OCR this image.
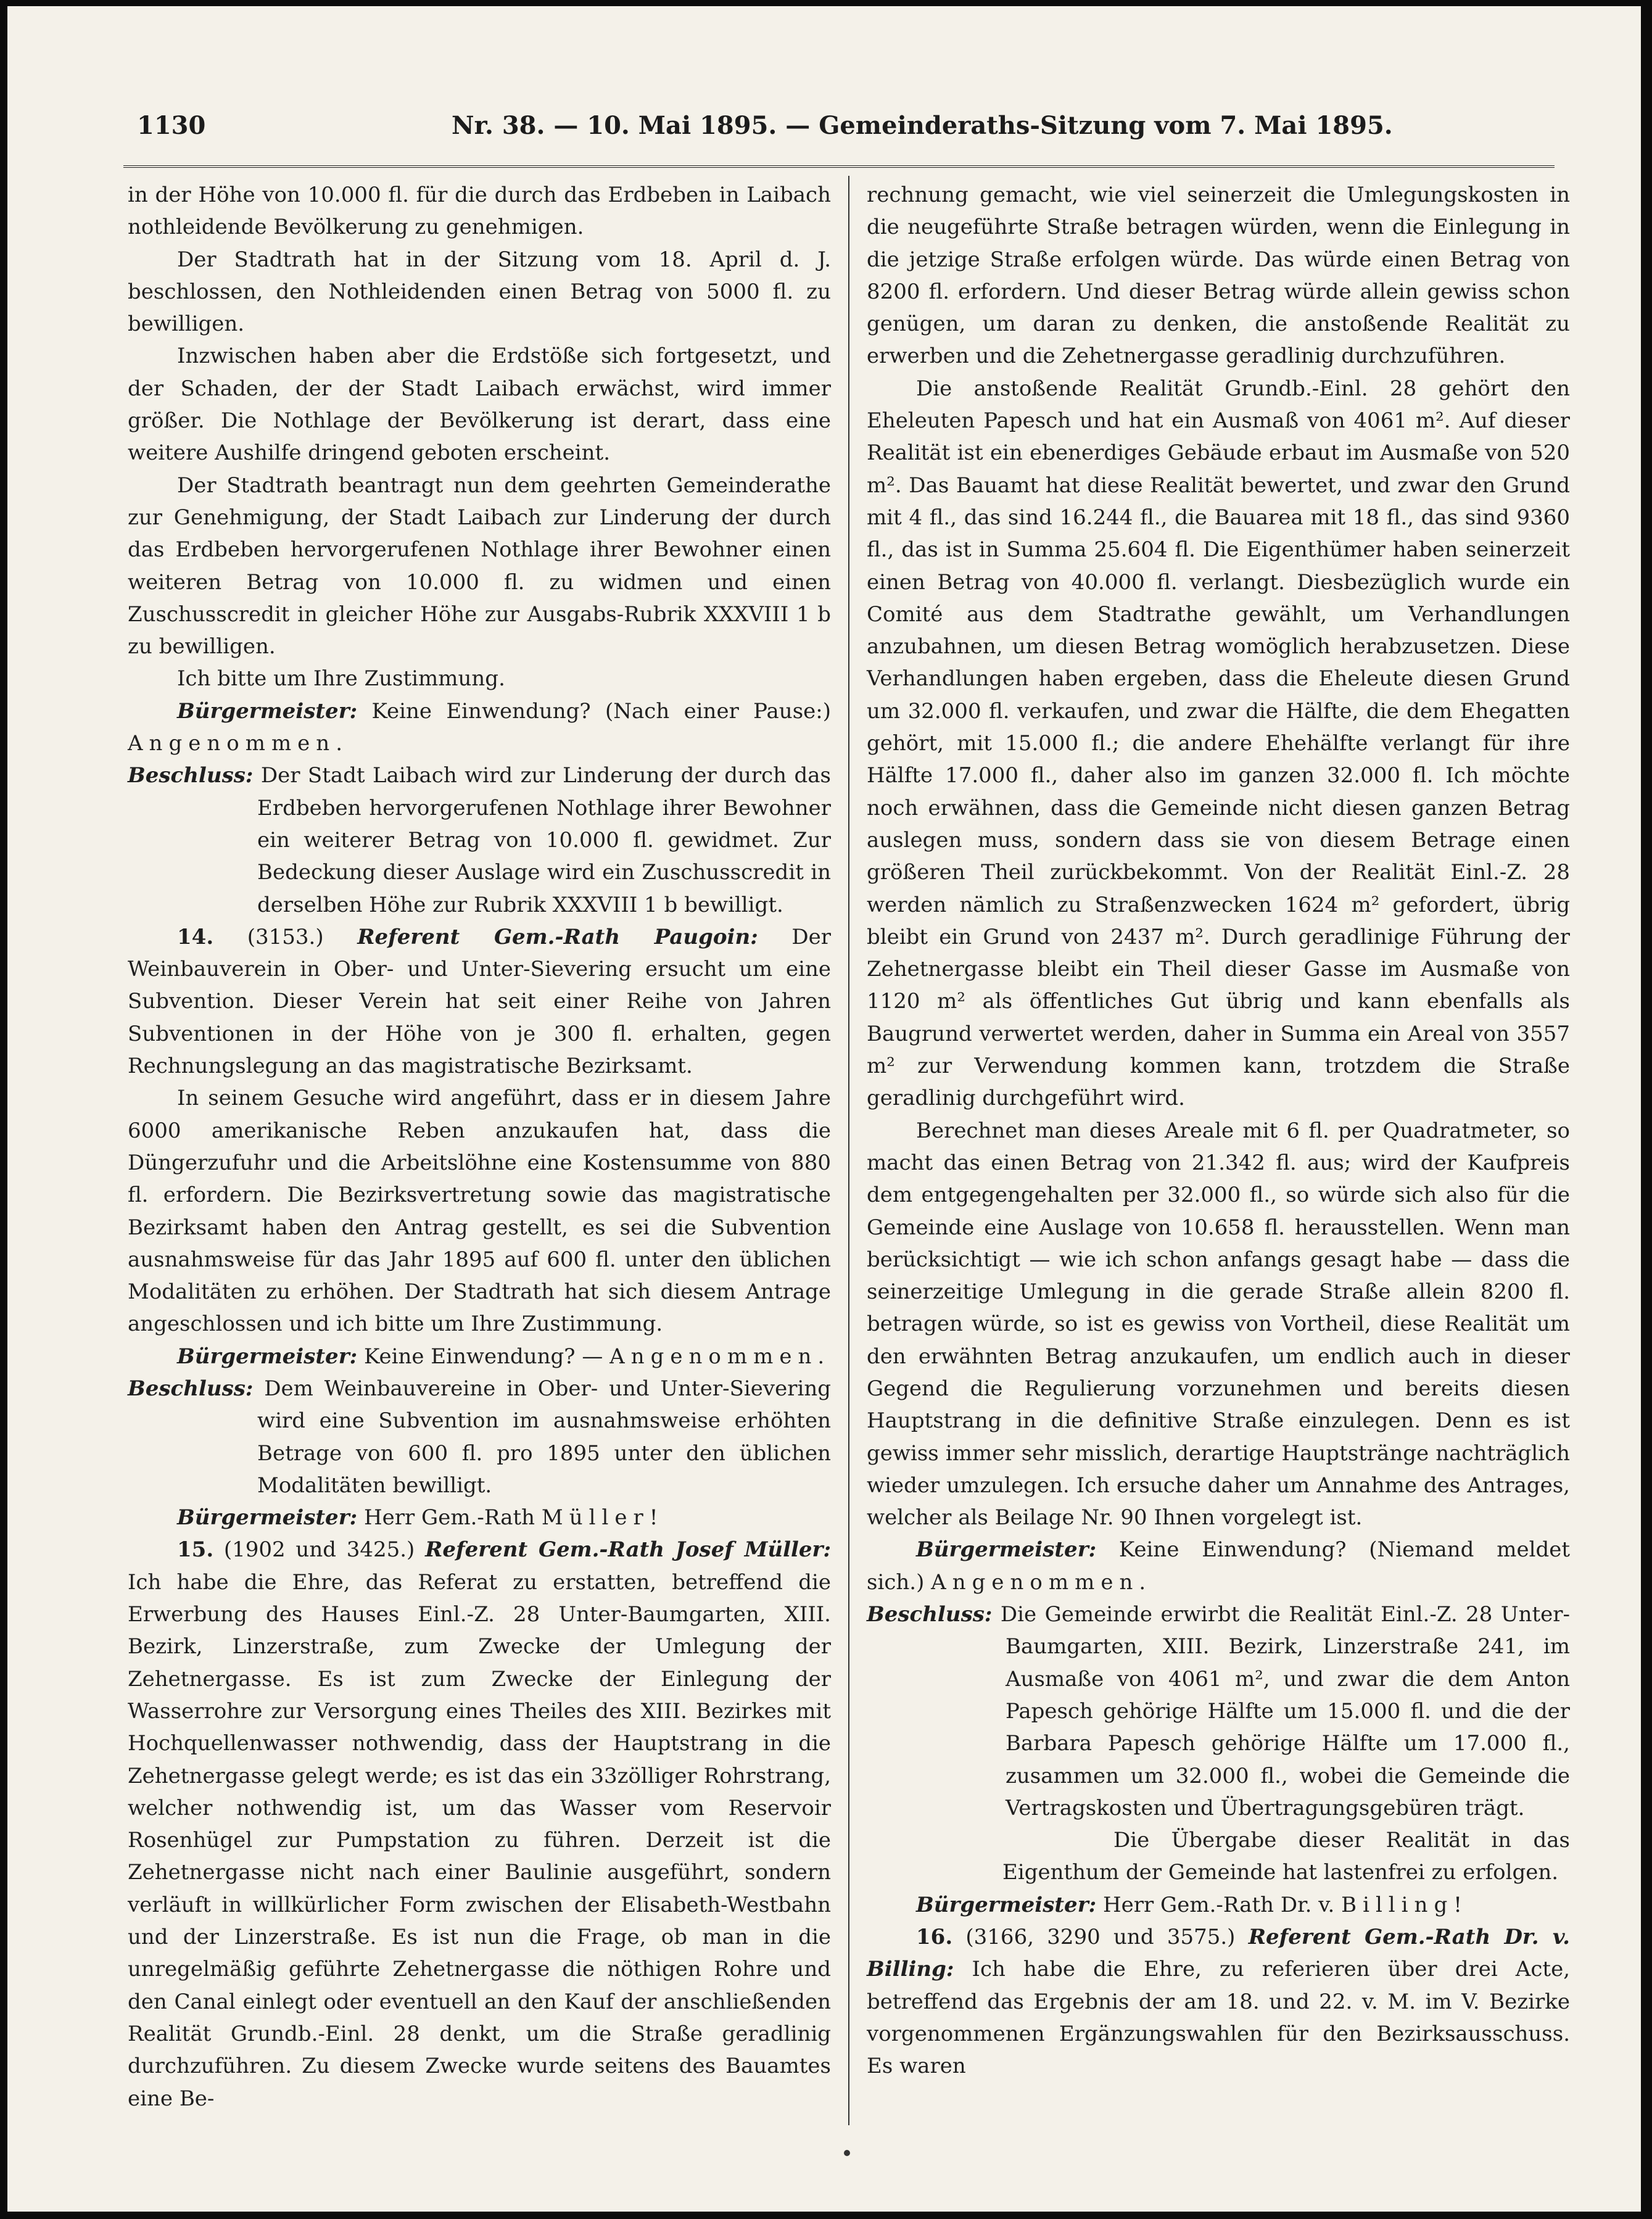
1130	Nr. 38. — 10. Mai 1895. — Gemeinderaths-Sitzung vom 7. Mai 1895.

in der Höhe von 10.000 fl. für die durch das Erdbeben in Laibach nothleidende Bevölkerung zu genehmigen.

Der Stadtrath hat in der Sitzung vom 18. April d. J. beschlossen, den Nothleidenden einen Betrag von 5000 fl. zu bewilligen.

Inzwischen haben aber die Erdstöße sich fortgesetzt, und der Schaden, der der Stadt Laibach erwächst, wird immer größer. Die Nothlage der Bevölkerung ist derart, dass eine weitere Aushilfe dringend geboten erscheint.

Der Stadtrath beantragt nun dem geehrten Gemeinderathe zur Genehmigung, der Stadt Laibach zur Linderung der durch das Erdbeben hervorgerufenen Nothlage ihrer Bewohner einen weiteren Betrag von 10.000 fl. zu widmen und einen Zuschusscredit in gleicher Höhe zur Ausgabs-Rubrik XXXVIII 1 b zu bewilligen.

Ich bitte um Ihre Zustimmung.

Bürgermeister: Keine Einwendung? (Nach einer Pause:) Angenommen.

Beschluss: Der Stadt Laibach wird zur Linderung der durch das Erdbeben hervorgerufenen Nothlage ihrer Bewohner ein weiterer Betrag von 10.000 fl. gewidmet. Zur Bedeckung dieser Auslage wird ein Zuschusscredit in derselben Höhe zur Rubrik XXXVIII 1 b bewilligt.

14. (3153.) Referent Gem.-Rath Paugoin: Der Weinbauverein in Ober- und Unter-Sievering ersucht um eine Subvention. Dieser Verein hat seit einer Reihe von Jahren Subventionen in der Höhe von je 300 fl. erhalten, gegen Rechnungslegung an das magistratische Bezirksamt.

In seinem Gesuche wird angeführt, dass er in diesem Jahre 6000 amerikanische Reben anzukaufen hat, dass die Düngerzufuhr und die Arbeitslöhne eine Kostensumme von 880 fl. erfordern. Die Bezirksvertretung sowie das magistratische Bezirksamt haben den Antrag gestellt, es sei die Subvention ausnahmsweise für das Jahr 1895 auf 600 fl. unter den üblichen Modalitäten zu erhöhen. Der Stadtrath hat sich diesem Antrage angeschlossen und ich bitte um Ihre Zustimmung.

Bürgermeister: Keine Einwendung? — Angenommen.

Beschluss: Dem Weinbauvereine in Ober- und Unter-Sievering wird eine Subvention im ausnahmsweise erhöhten Betrage von 600 fl. pro 1895 unter den üblichen Modalitäten bewilligt.

Bürgermeister: Herr Gem.-Rath Müller!

15. (1902 und 3425.) Referent Gem.-Rath Josef Müller: Ich habe die Ehre, das Referat zu erstatten, betreffend die Erwerbung des Hauses Einl.-Z. 28 Unter-Baumgarten, XIII. Bezirk, Linzerstraße, zum Zwecke der Umlegung der Zehetnergasse. Es ist zum Zwecke der Einlegung der Wasserrohre zur Versorgung eines Theiles des XIII. Bezirkes mit Hochquellenwasser nothwendig, dass der Hauptstrang in die Zehetnergasse gelegt werde; es ist das ein 33zölliger Rohrstrang, welcher nothwendig ist, um das Wasser vom Reservoir Rosenhügel zur Pumpstation zu führen. Derzeit ist die Zehetnergasse nicht nach einer Baulinie ausgeführt, sondern verläuft in willkürlicher Form zwischen der Elisabeth-Westbahn und der Linzerstraße. Es ist nun die Frage, ob man in die unregelmäßig geführte Zehetnergasse die nöthigen Rohre und den Canal einlegt oder eventuell an den Kauf der anschließenden Realität Grundb.-Einl. 28 denkt, um die Straße geradlinig durchzuführen. Zu diesem Zwecke wurde seitens des Bauamtes eine Be-

rechnung gemacht, wie viel seinerzeit die Umlegungskosten in die neugeführte Straße betragen würden, wenn die Einlegung in die jetzige Straße erfolgen würde. Das würde einen Betrag von 8200 fl. erfordern. Und dieser Betrag würde allein gewiss schon genügen, um daran zu denken, die anstoßende Realität zu erwerben und die Zehetnergasse geradlinig durchzuführen.

Die anstoßende Realität Grundb.-Einl. 28 gehört den Eheleuten Papesch und hat ein Ausmaß von 4061 m². Auf dieser Realität ist ein ebenerdiges Gebäude erbaut im Ausmaße von 520 m². Das Bauamt hat diese Realität bewertet, und zwar den Grund mit 4 fl., das sind 16.244 fl., die Bauarea mit 18 fl., das sind 9360 fl., das ist in Summa 25.604 fl. Die Eigenthümer haben seinerzeit einen Betrag von 40.000 fl. verlangt. Diesbezüglich wurde ein Comité aus dem Stadtrathe gewählt, um Verhandlungen anzubahnen, um diesen Betrag womöglich herabzusetzen. Diese Verhandlungen haben ergeben, dass die Eheleute diesen Grund um 32.000 fl. verkaufen, und zwar die Hälfte, die dem Ehegatten gehört, mit 15.000 fl.; die andere Ehehälfte verlangt für ihre Hälfte 17.000 fl., daher also im ganzen 32.000 fl. Ich möchte noch erwähnen, dass die Gemeinde nicht diesen ganzen Betrag auslegen muss, sondern dass sie von diesem Betrage einen größeren Theil zurückbekommt. Von der Realität Einl.-Z. 28 werden nämlich zu Straßenzwecken 1624 m² gefordert, übrig bleibt ein Grund von 2437 m². Durch geradlinige Führung der Zehetnergasse bleibt ein Theil dieser Gasse im Ausmaße von 1120 m² als öffentliches Gut übrig und kann ebenfalls als Baugrund verwertet werden, daher in Summa ein Areal von 3557 m² zur Verwendung kommen kann, trotzdem die Straße geradlinig durchgeführt wird.

Berechnet man dieses Areale mit 6 fl. per Quadratmeter, so macht das einen Betrag von 21.342 fl. aus; wird der Kaufpreis dem entgegengehalten per 32.000 fl., so würde sich also für die Gemeinde eine Auslage von 10.658 fl. herausstellen. Wenn man berücksichtigt — wie ich schon anfangs gesagt habe — dass die seinerzeitige Umlegung in die gerade Straße allein 8200 fl. betragen würde, so ist es gewiss von Vortheil, diese Realität um den erwähnten Betrag anzukaufen, um endlich auch in dieser Gegend die Regulierung vorzunehmen und bereits diesen Hauptstrang in die definitive Straße einzulegen. Denn es ist gewiss immer sehr misslich, derartige Hauptstränge nachträglich wieder umzulegen. Ich ersuche daher um Annahme des Antrages, welcher als Beilage Nr. 90 Ihnen vorgelegt ist.

Bürgermeister: Keine Einwendung? (Niemand meldet sich.) Angenommen.

Beschluss: Die Gemeinde erwirbt die Realität Einl.-Z. 28 Unter-Baumgarten, XIII. Bezirk, Linzerstraße 241, im Ausmaße von 4061 m², und zwar die dem Anton Papesch gehörige Hälfte um 15.000 fl. und die der Barbara Papesch gehörige Hälfte um 17.000 fl., zusammen um 32.000 fl., wobei die Gemeinde die Vertragskosten und Übertragungsgebüren trägt.

Die Übergabe dieser Realität in das Eigenthum der Gemeinde hat lastenfrei zu erfolgen.

Bürgermeister: Herr Gem.-Rath Dr. v. Billing!

16. (3166, 3290 und 3575.) Referent Gem.-Rath Dr. v. Billing: Ich habe die Ehre, zu referieren über drei Acte, betreffend das Ergebnis der am 18. und 22. v. M. im V. Bezirke vorgenommenen Ergänzungswahlen für den Bezirksausschuss. Es waren
